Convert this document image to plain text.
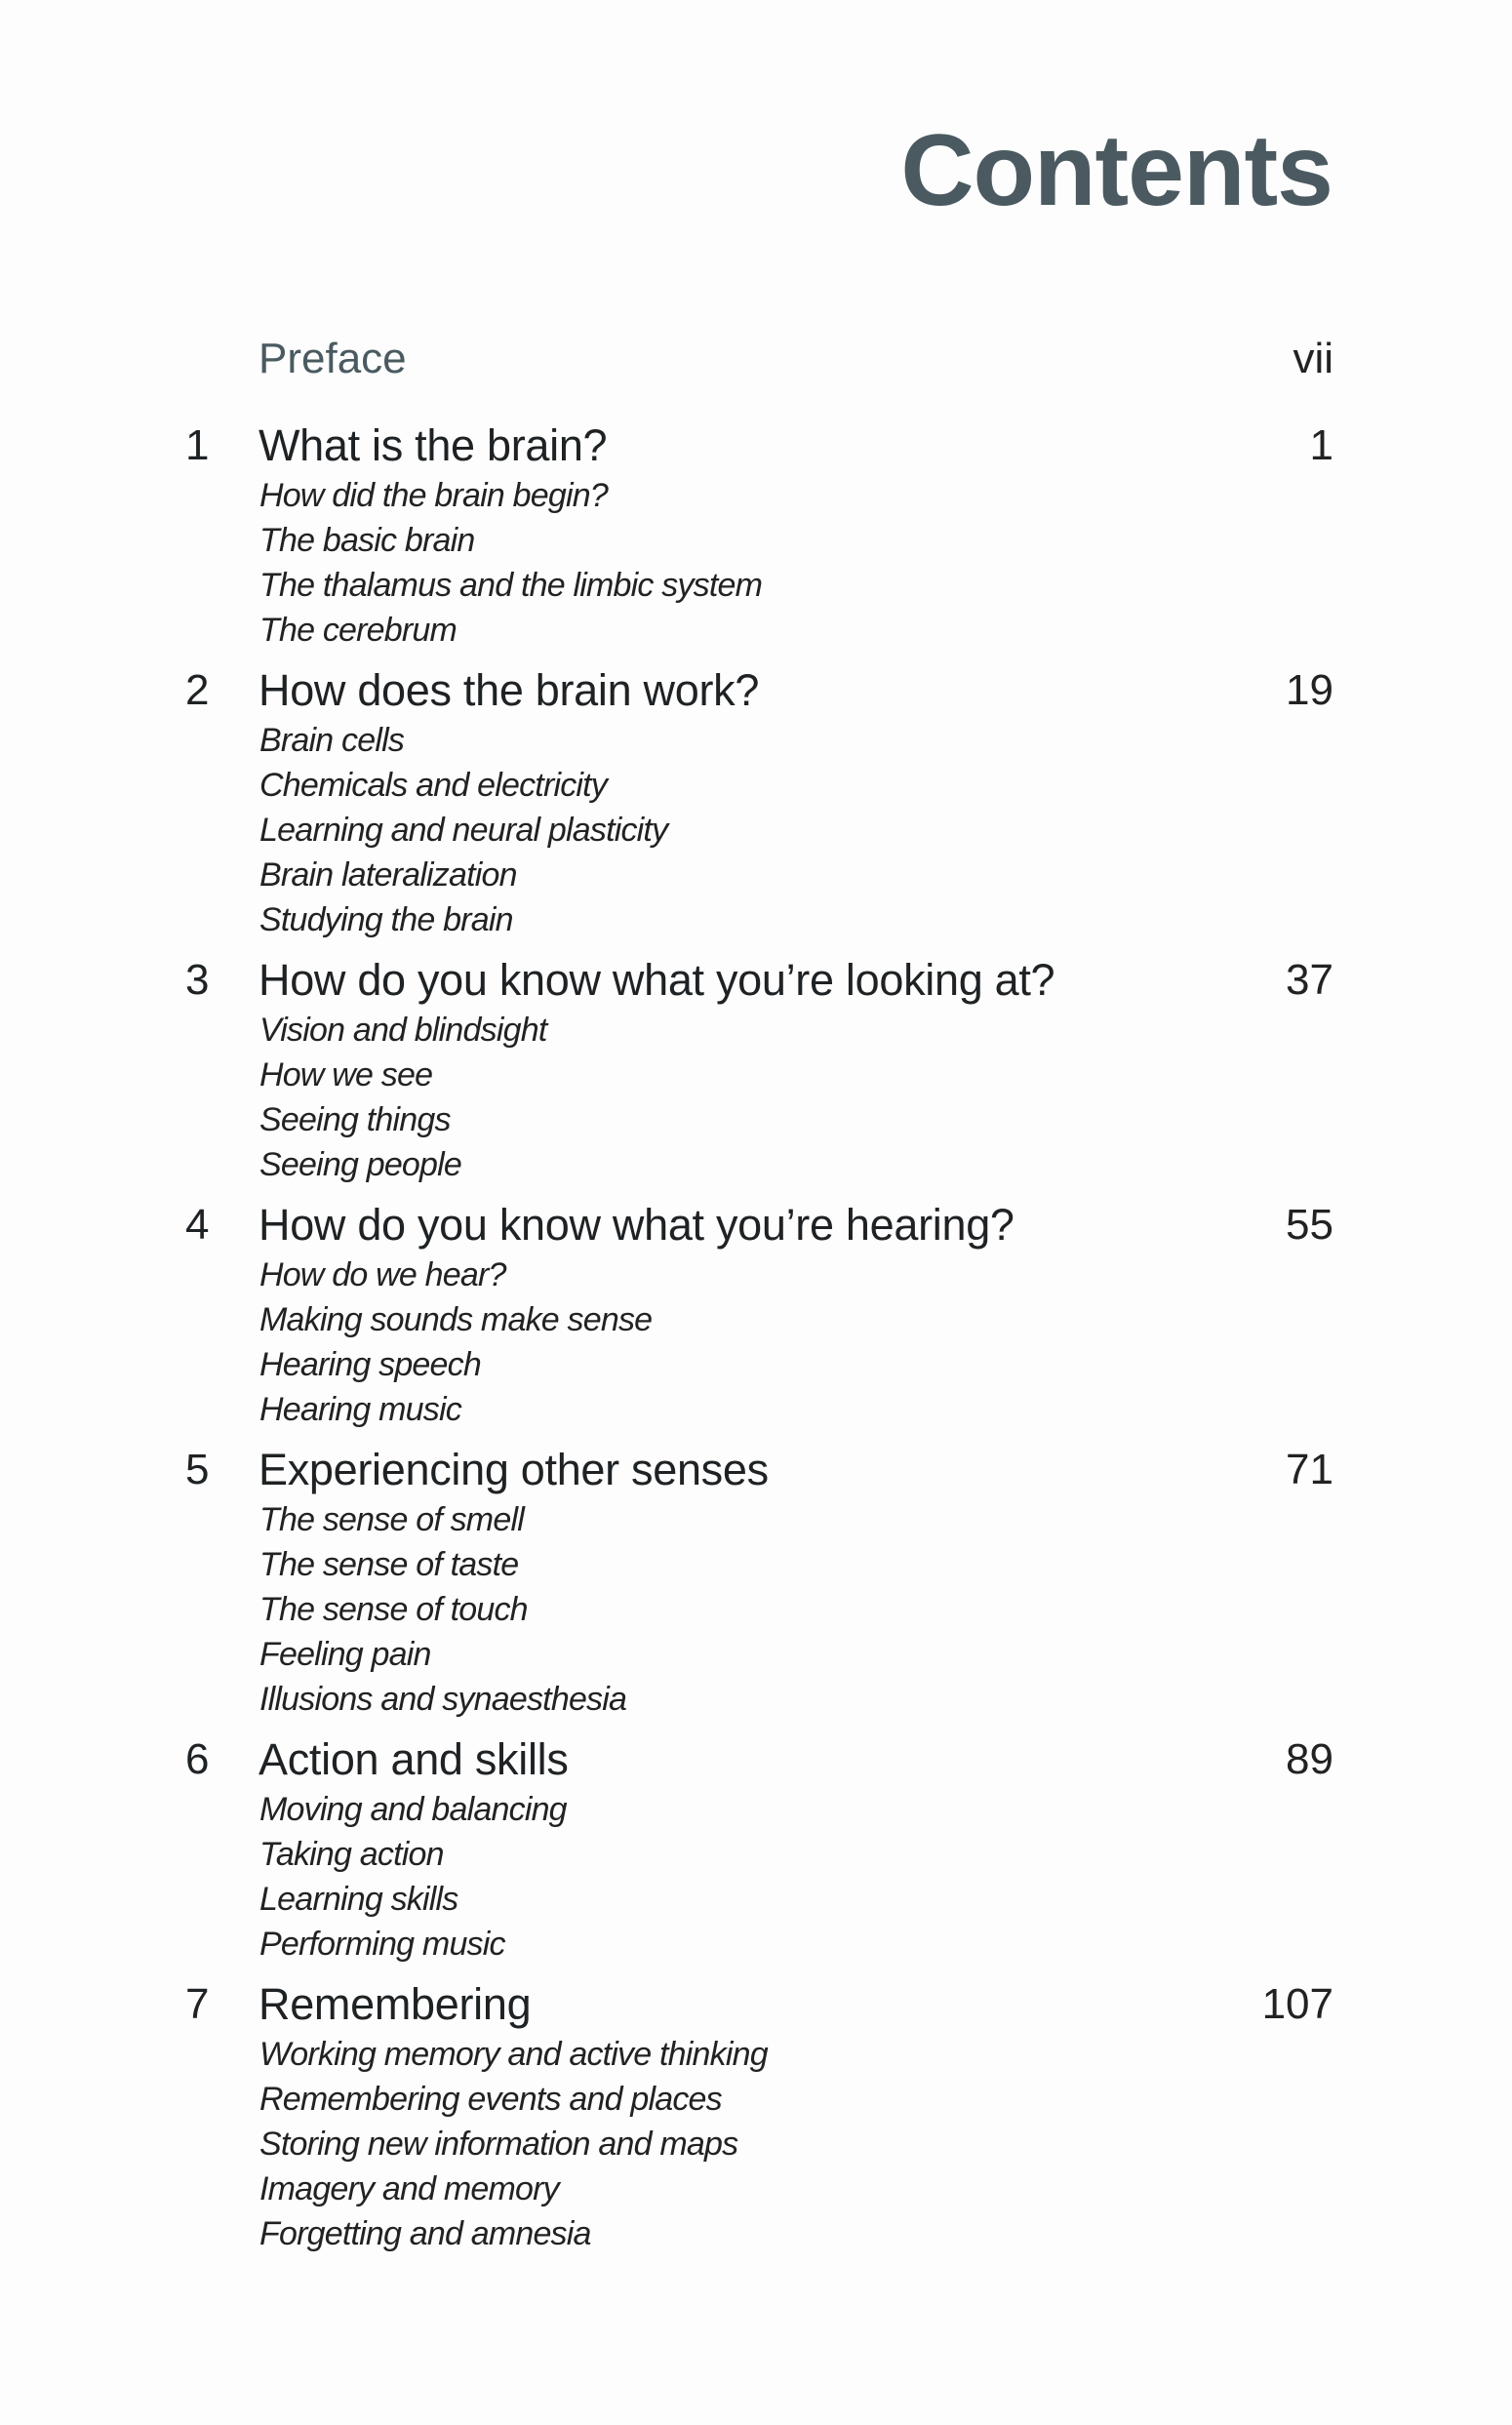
Contents
Preface	vii
1 What is the brain?	1
How did the brain begin?
The basic brain
The thalamus and the limbic system
The cerebrum
2 How does the brain work?	19
Brain cells
Chemicals and electricity
Learning and neural plasticity
Brain lateralization
Studying the brain
3 How do you know what you’re looking at?	37
Vision and blindsight
How we see
Seeing things
Seeing people
4 How do you know what you’re hearing?	55
How do we hear?
Making sounds make sense
Hearing speech
Hearing music
5 Experiencing other senses	71
The sense of smell
The sense of taste
The sense of touch
Feeling pain
Illusions and synaesthesia
6 Action and skills	89
Moving and balancing
Taking action
Learning skills
Performing music
7 Remembering	107
Working memory and active thinking
Remembering events and places
Storing new information and maps
Imagery and memory
Forgetting and amnesia
